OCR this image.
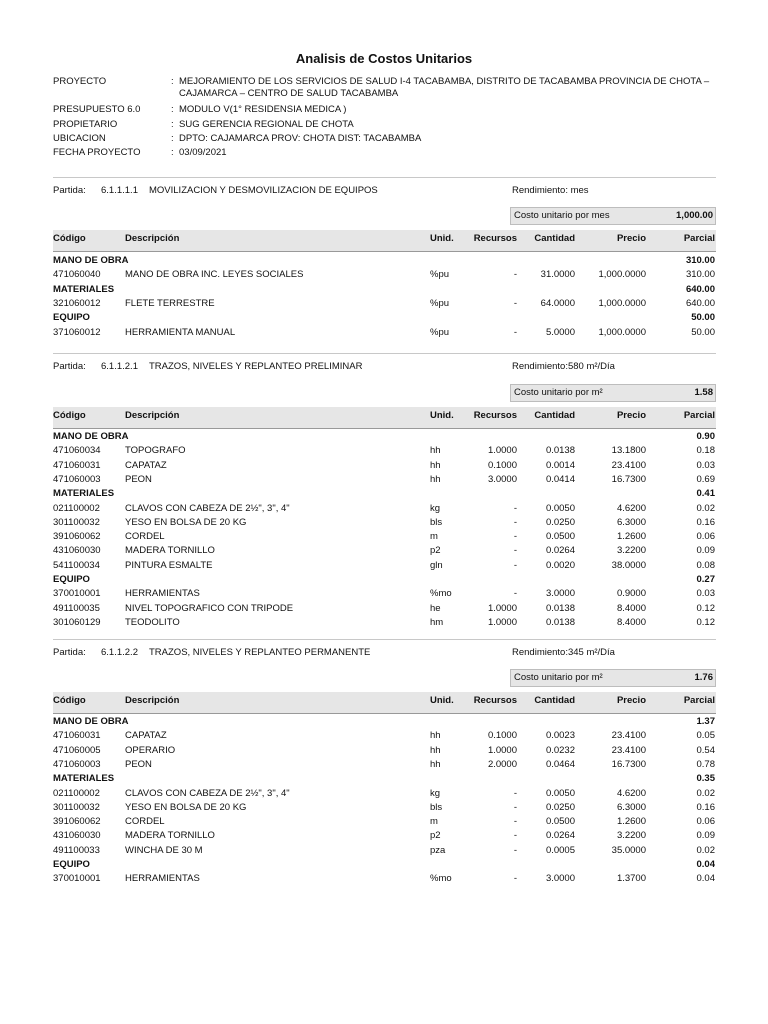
Analisis de Costos Unitarios
PROYECTO	: MEJORAMIENTO DE LOS SERVICIOS DE SALUD I-4 TACABAMBA, DISTRITO DE TACABAMBA PROVINCIA DE CHOTA –
CAJAMARCA – CENTRO DE SALUD TACABAMBA
PRESUPUESTO 6.0	: MODULO V(1° RESIDENSIA MEDICA )
PROPIETARIO	: SUG GERENCIA REGIONAL DE CHOTA
UBICACION	: DPTO: CAJAMARCA PROV: CHOTA DIST: TACABAMBA
FECHA PROYECTO	: 03/09/2021
Partida: 6.1.1.1.1 MOVILIZACION Y DESMOVILIZACION DE EQUIPOS	Rendimiento: mes
Costo unitario por mes	1,000.00
Código	Descripción	Unid. Recursos Cantidad	Precio	Parcial
MANO DE OBRA	310.00
471060040	MANO DE OBRA INC. LEYES SOCIALES	%pu	- 31.0000 1,000.0000	310.00
MATERIALES	640.00
321060012	FLETE TERRESTRE	%pu	- 64.0000 1,000.0000	640.00
EQUIPO	50.00
371060012	HERRAMIENTA MANUAL	%pu	-	5.0000 1,000.0000	50.00
Partida: 6.1.1.2.1 TRAZOS, NIVELES Y REPLANTEO PRELIMINAR	Rendimiento:580 m²/Día
Costo unitario por m²	1.58
Código	Descripción	Unid. Recursos Cantidad	Precio	Parcial
MANO DE OBRA	0.90
471060034	TOPOGRAFO	hh	1.0000	0.0138	13.1800	0.18
471060031	CAPATAZ	hh	0.1000	0.0014	23.4100	0.03
471060003	PEON	hh	3.0000	0.0414	16.7300	0.69
MATERIALES	0.41
021100002	CLAVOS CON CABEZA DE 2½", 3", 4"	kg	-	0.0050	4.6200	0.02
301100032	YESO EN BOLSA DE 20 KG	bls	-	0.0250	6.3000	0.16
391060062	CORDEL	m	-	0.0500	1.2600	0.06
431060030	MADERA TORNILLO	p2	-	0.0264	3.2200	0.09
541100034	PINTURA ESMALTE	gln	-	0.0020	38.0000	0.08
EQUIPO	0.27
370010001	HERRAMIENTAS	%mo	-	3.0000	0.9000	0.03
491100035	NIVEL TOPOGRAFICO CON TRIPODE	he	1.0000	0.0138	8.4000	0.12
301060129	TEODOLITO	hm	1.0000	0.0138	8.4000	0.12
Partida: 6.1.1.2.2 TRAZOS, NIVELES Y REPLANTEO PERMANENTE	Rendimiento:345 m²/Día
Costo unitario por m²	1.76
Código	Descripción	Unid. Recursos Cantidad	Precio	Parcial
MANO DE OBRA	1.37
471060031	CAPATAZ	hh	0.1000	0.0023	23.4100	0.05
471060005	OPERARIO	hh	1.0000	0.0232	23.4100	0.54
471060003	PEON	hh	2.0000	0.0464	16.7300	0.78
MATERIALES	0.35
021100002	CLAVOS CON CABEZA DE 2½", 3", 4"	kg	-	0.0050	4.6200	0.02
301100032	YESO EN BOLSA DE 20 KG	bls	-	0.0250	6.3000	0.16
391060062	CORDEL	m	-	0.0500	1.2600	0.06
431060030	MADERA TORNILLO	p2	-	0.0264	3.2200	0.09
491100033	WINCHA DE 30 M	pza	-	0.0005	35.0000	0.02
EQUIPO	0.04
370010001	HERRAMIENTAS	%mo	-	3.0000	1.3700	0.04
